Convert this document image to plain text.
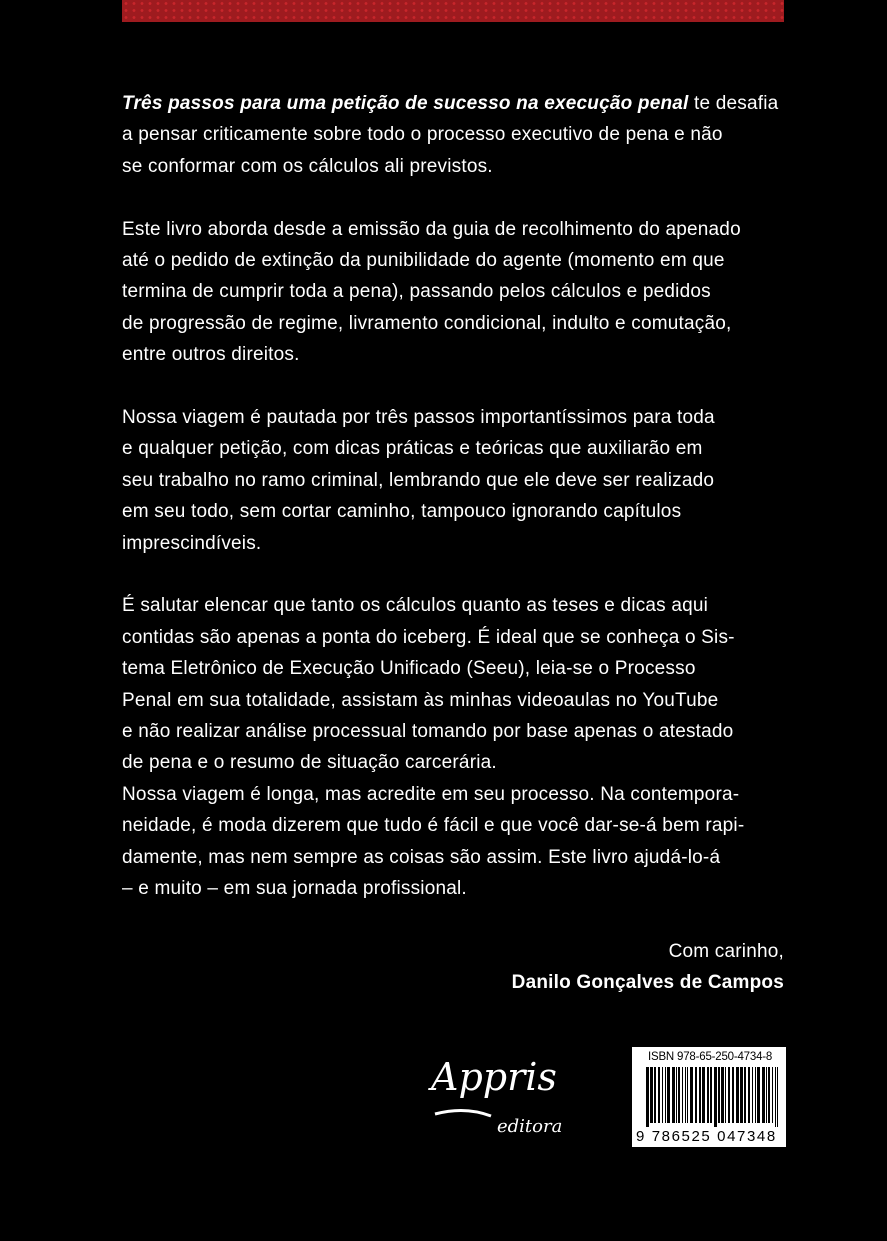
Três passos para uma petição de sucesso na execução penal te desafia
a pensar criticamente sobre todo o processo executivo de pena e não
se conformar com os cálculos ali previstos.

Este livro aborda desde a emissão da guia de recolhimento do apenado
até o pedido de extinção da punibilidade do agente (momento em que
termina de cumprir toda a pena), passando pelos cálculos e pedidos
de progressão de regime, livramento condicional, indulto e comutação,
entre outros direitos.

Nossa viagem é pautada por três passos importantíssimos para toda
e qualquer petição, com dicas práticas e teóricas que auxiliarão em
seu trabalho no ramo criminal, lembrando que ele deve ser realizado
em seu todo, sem cortar caminho, tampouco ignorando capítulos
imprescindíveis.

É salutar elencar que tanto os cálculos quanto as teses e dicas aqui
contidas são apenas a ponta do iceberg. É ideal que se conheça o Sis-
tema Eletrônico de Execução Unificado (Seeu), leia-se o Processo
Penal em sua totalidade, assistam às minhas videoaulas no YouTube
e não realizar análise processual tomando por base apenas o atestado
de pena e o resumo de situação carcerária.

Nossa viagem é longa, mas acredite em seu processo. Na contempora-
neidade, é moda dizerem que tudo é fácil e que você dar-se-á bem rapi-
damente, mas nem sempre as coisas são assim. Este livro ajudá-lo-á
– e muito – em sua jornada profissional.

Com carinho,
Danilo Gonçalves de Campos
Appris
editora
ISBN 978-65-250-4734-8
9 786525 047348
